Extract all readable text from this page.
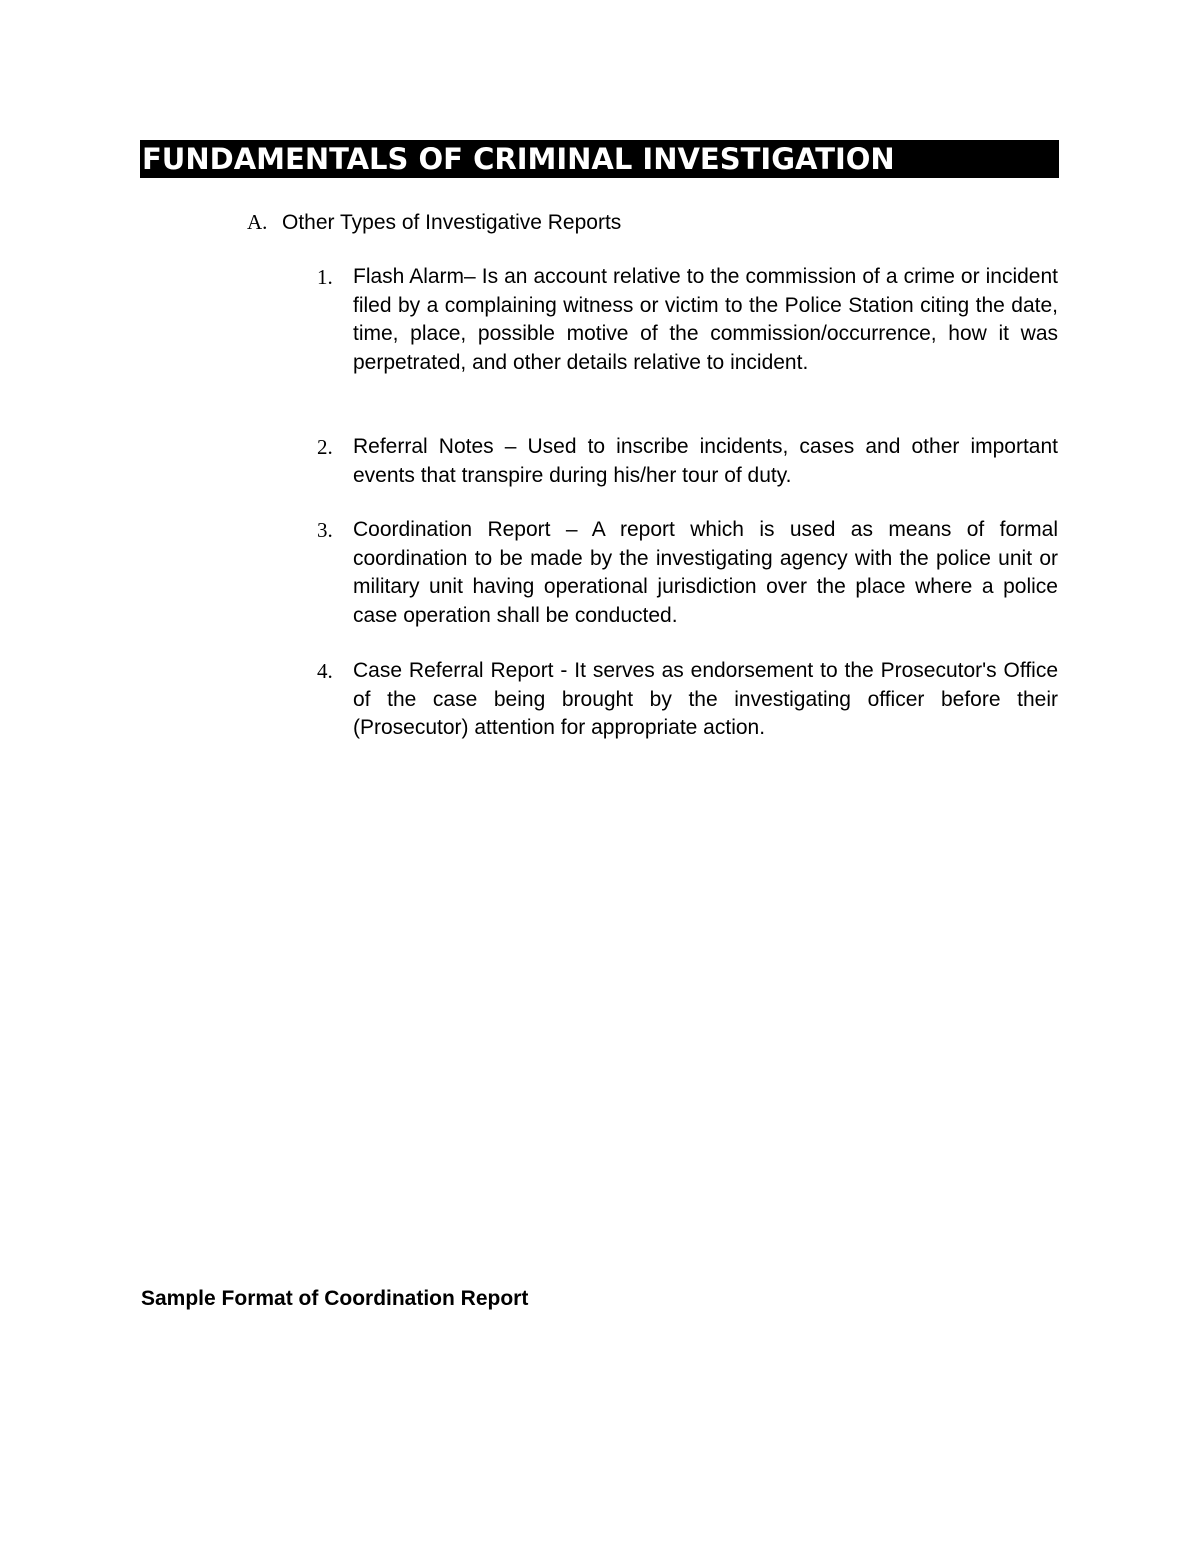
FUNDAMENTALS OF CRIMINAL INVESTIGATION
A. Other Types of Investigative Reports
1. Flash Alarm– Is an account relative to the commission of a crime or incident filed by a complaining witness or victim to the Police Station citing the date, time, place, possible motive of the commission/occurrence, how it was perpetrated, and other details relative to incident.
2. Referral Notes – Used to inscribe incidents, cases and other important events that transpire during his/her tour of duty.
3. Coordination Report – A report which is used as means of formal coordination to be made by the investigating agency with the police unit or military unit having operational jurisdiction over the place where a police case operation shall be conducted.
4. Case Referral Report - It serves as endorsement to the Prosecutor's Office of the case being brought by the investigating officer before their (Prosecutor) attention for appropriate action.
Sample Format of Coordination Report
